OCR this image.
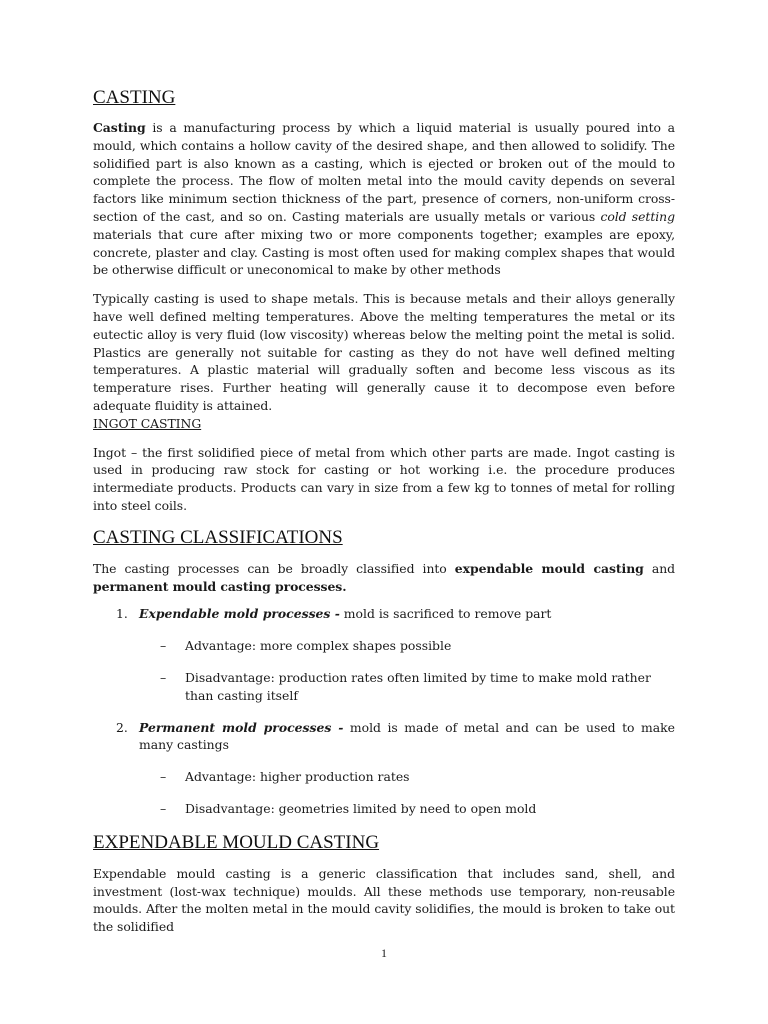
CASTING

Casting is a manufacturing process by which a liquid material is usually poured into a mould, which contains a hollow cavity of the desired shape, and then allowed to solidify. The solidified part is also known as a casting, which is ejected or broken out of the mould to complete the process. The flow of molten metal into the mould cavity depends on several factors like minimum section thickness of the part, presence of corners, non-uniform cross-section of the cast, and so on. Casting materials are usually metals or various cold setting materials that cure after mixing two or more components together; examples are epoxy, concrete, plaster and clay. Casting is most often used for making complex shapes that would be otherwise difficult or uneconomical to make by other methods

Typically casting is used to shape metals. This is because metals and their alloys generally have well defined melting temperatures. Above the melting temperatures the metal or its eutectic alloy is very fluid (low viscosity) whereas below the melting point the metal is solid. Plastics are generally not suitable for casting as they do not have well defined melting temperatures. A plastic material will gradually soften and become less viscous as its temperature rises. Further heating will generally cause it to decompose even before adequate fluidity is attained.

INGOT CASTING

Ingot – the first solidified piece of metal from which other parts are made. Ingot casting is used in producing raw stock for casting or hot working i.e. the procedure produces intermediate products. Products can vary in size from a few kg to tonnes of metal for rolling into steel coils.

CASTING CLASSIFICATIONS

The casting processes can be broadly classified into expendable mould casting and permanent mould casting processes.

1. Expendable mold processes - mold is sacrificed to remove part
– Advantage: more complex shapes possible
– Disadvantage: production rates often limited by time to make mold rather than casting itself
2. Permanent mold processes - mold is made of metal and can be used to make many castings
– Advantage: higher production rates
– Disadvantage: geometries limited by need to open mold
EXPENDABLE MOULD CASTING

Expendable mould casting is a generic classification that includes sand, shell, and investment (lost-wax technique) moulds. All these methods use temporary, non-reusable moulds. After the molten metal in the mould cavity solidifies, the mould is broken to take out the solidified

1
